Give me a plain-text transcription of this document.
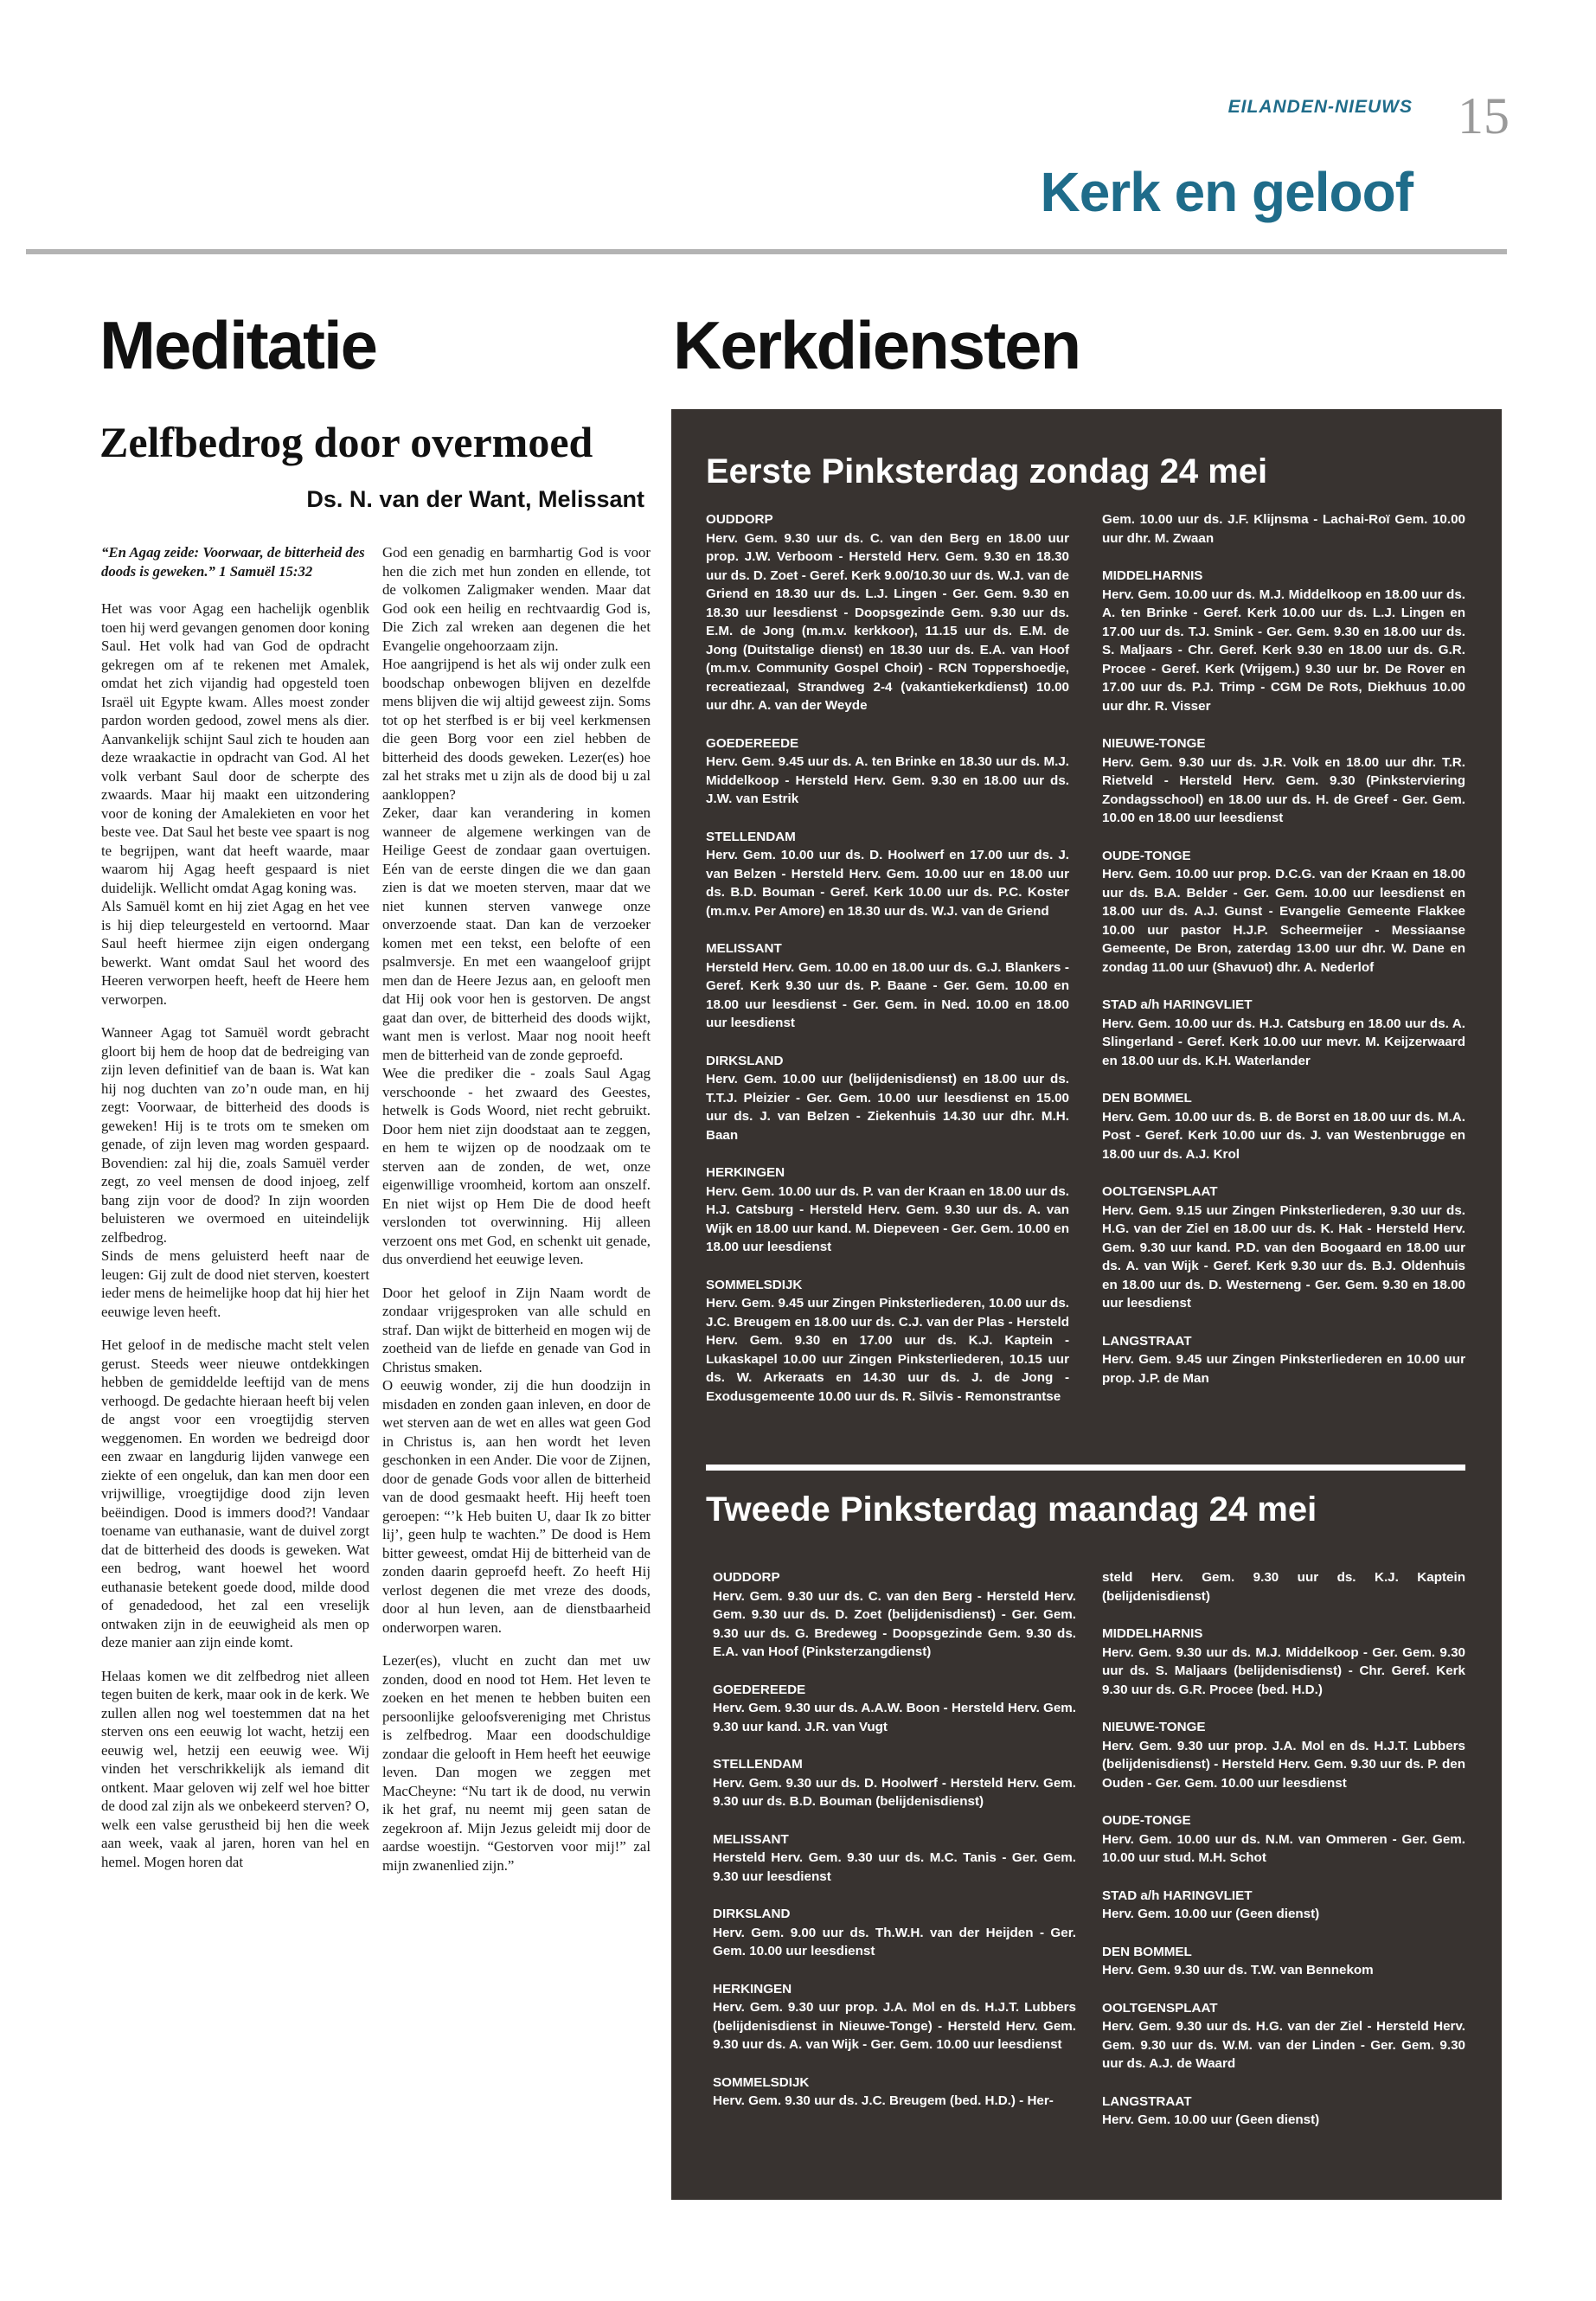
EILANDEN-NIEUWS 15
Kerk en geloof
Meditatie	Kerkdiensten
Zelfbedrog door overmoed
Ds. N. van der Want, Melissant

“En Agag zeide: Voorwaar, de bitterheid des doods is geweken.” 1 Samuël 15:32

Het was voor Agag een hachelijk ogenblik toen hij werd gevangen genomen door koning Saul. Het volk had van God de opdracht gekregen om af te rekenen met Amalek, omdat het zich vijandig had opgesteld toen Israël uit Egypte kwam. Alles moest zonder pardon worden gedood, zowel mens als dier. Aanvankelijk schijnt Saul zich te houden aan deze wraakactie in opdracht van God. Al het volk verbant Saul door de scherpte des zwaards. Maar hij maakt een uitzondering voor de koning der Amalekieten en voor het beste vee. Dat Saul het beste vee spaart is nog te begrijpen, want dat heeft waarde, maar waarom hij Agag heeft gespaard is niet duidelijk. Wellicht omdat Agag koning was.

Als Samuël komt en hij ziet Agag en het vee is hij diep teleurgesteld en vertoornd. Maar Saul heeft hiermee zijn eigen ondergang bewerkt. Want omdat Saul het woord des Heeren verworpen heeft, heeft de Heere hem verworpen.

Wanneer Agag tot Samuël wordt gebracht gloort bij hem de hoop dat de bedreiging van zijn leven definitief van de baan is. Wat kan hij nog duchten van zo’n oude man, en hij zegt: Voorwaar, de bitterheid des doods is geweken! Hij is te trots om te smeken om genade, of zijn leven mag worden gespaard. Bovendien: zal hij die, zoals Samuël verder zegt, zo veel mensen de dood injoeg, zelf bang zijn voor de dood? In zijn woorden beluisteren we overmoed en uiteindelijk zelfbedrog.

Sinds de mens geluisterd heeft naar de leugen: Gij zult de dood niet sterven, koestert ieder mens de heimelijke hoop dat hij hier het eeuwige leven heeft.

Het geloof in de medische macht stelt velen gerust. Steeds weer nieuwe ontdekkingen hebben de gemiddelde leeftijd van de mens verhoogd. De gedachte hieraan heeft bij velen de angst voor een vroegtijdig sterven weggenomen. En worden we bedreigd door een zwaar en langdurig lijden vanwege een ziekte of een ongeluk, dan kan men door een vrijwillige, vroegtijdige dood zijn leven beëindigen. Dood is immers dood?! Vandaar toename van euthanasie, want de duivel zorgt dat de bitterheid des doods is geweken. Wat een bedrog, want hoewel het woord euthanasie betekent goede dood, milde dood of genadedood, het zal een vreselijk ontwaken zijn in de eeuwigheid als men op deze manier aan zijn einde komt.

Helaas komen we dit zelfbedrog niet alleen tegen buiten de kerk, maar ook in de kerk. We zullen allen nog wel toestemmen dat na het sterven ons een eeuwig lot wacht, hetzij een eeuwig wel, hetzij een eeuwig wee. Wij vinden het verschrikkelijk als iemand dit ontkent. Maar geloven wij zelf wel hoe bitter de dood zal zijn als we onbekeerd sterven? O, welk een valse gerustheid bij hen die week aan week, vaak al jaren, horen van hel en hemel. Mogen horen dat

God een genadig en barmhartig God is voor hen die zich met hun zonden en ellende, tot de volkomen Zaligmaker wenden. Maar dat God ook een heilig en rechtvaardig God is, Die Zich zal wreken aan degenen die het Evangelie ongehoorzaam zijn.

Hoe aangrijpend is het als wij onder zulk een boodschap onbewogen blijven en dezelfde mens blijven die wij altijd geweest zijn. Soms tot op het sterfbed is er bij veel kerkmensen die geen Borg voor een ziel hebben de bitterheid des doods geweken. Lezer(es) hoe zal het straks met u zijn als de dood bij u zal aankloppen?

Zeker, daar kan verandering in komen wanneer de algemene werkingen van de Heilige Geest de zondaar gaan overtuigen. Eén van de eerste dingen die we dan gaan zien is dat we moeten sterven, maar dat we niet kunnen sterven vanwege onze onverzoende staat. Dan kan de verzoeker komen met een tekst, een belofte of een psalmversje. En met een waangeloof grijpt men dan de Heere Jezus aan, en gelooft men dat Hij ook voor hen is gestorven. De angst gaat dan over, de bitterheid des doods wijkt, want men is verlost. Maar nog nooit heeft men de bitterheid van de zonde geproefd.

Wee die prediker die - zoals Saul Agag verschoonde - het zwaard des Geestes, hetwelk is Gods Woord, niet recht gebruikt. Door hem niet zijn doodstaat aan te zeggen, en hem te wijzen op de noodzaak om te sterven aan de zonden, de wet, onze eigenwillige vroomheid, kortom aan onszelf. En niet wijst op Hem Die de dood heeft verslonden tot overwinning. Hij alleen verzoent ons met God, en schenkt uit genade, dus onverdiend het eeuwige leven.

Door het geloof in Zijn Naam wordt de zondaar vrijgesproken van alle schuld en straf. Dan wijkt de bitterheid en mogen wij de zoetheid van de liefde en genade van God in Christus smaken.

O eeuwig wonder, zij die hun doodzijn in misdaden en zonden gaan inleven, en door de wet sterven aan de wet en alles wat geen God in Christus is, aan hen wordt het leven geschonken in een Ander. Die voor de Zijnen, door de genade Gods voor allen de bitterheid van de dood gesmaakt heeft. Hij heeft toen geroepen: “’k Heb buiten U, daar Ik zo bitter lij’, geen hulp te wachten.” De dood is Hem bitter geweest, omdat Hij de bitterheid van de zonden daarin geproefd heeft. Zo heeft Hij verlost degenen die met vreze des doods, door al hun leven, aan de dienstbaarheid onderworpen waren.

Lezer(es), vlucht en zucht dan met uw zonden, dood en nood tot Hem. Het leven te zoeken en het menen te hebben buiten een persoonlijke geloofsvereniging met Christus is zelfbedrog. Maar een doodschuldige zondaar die gelooft in Hem heeft het eeuwige leven. Dan mogen we zeggen met MacCheyne: “Nu tart ik de dood, nu verwin ik het graf, nu neemt mij geen satan de zegekroon af. Mijn Jezus geleidt mij door de aardse woestijn. “Gestorven voor mij!” zal mijn zwanenlied zijn.”

Eerste Pinksterdag zondag 24 mei
OUDDORP
Herv. Gem. 9.30 uur ds. C. van den Berg en 18.00 uur prop. J.W. Verboom - Hersteld Herv. Gem. 9.30 en 18.30 uur ds. D. Zoet - Geref. Kerk 9.00/10.30 uur ds. W.J. van de Griend en 18.30 uur ds. L.J. Lingen - Ger. Gem. 9.30 en 18.30 uur leesdienst - Doopsgezinde Gem. 9.30 uur ds. E.M. de Jong (m.m.v. kerkkoor), 11.15 uur ds. E.M. de Jong (Duitstalige dienst) en 18.30 uur ds. E.A. van Hoof (m.m.v. Community Gospel Choir) - RCN Toppershoedje, recreatiezaal, Strandweg 2-4 (vakantiekerkdienst) 10.00 uur dhr. A. van der Weyde
GOEDEREEDE
Herv. Gem. 9.45 uur ds. A. ten Brinke en 18.30 uur ds. M.J. Middelkoop - Hersteld Herv. Gem. 9.30 en 18.00 uur ds. J.W. van Estrik
STELLENDAM
Herv. Gem. 10.00 uur ds. D. Hoolwerf en 17.00 uur ds. J. van Belzen - Hersteld Herv. Gem. 10.00 uur en 18.00 uur ds. B.D. Bouman - Geref. Kerk 10.00 uur ds. P.C. Koster (m.m.v. Per Amore) en 18.30 uur ds. W.J. van de Griend
MELISSANT
Hersteld Herv. Gem. 10.00 en 18.00 uur ds. G.J. Blankers - Geref. Kerk 9.30 uur ds. P. Baane - Ger. Gem. 10.00 en 18.00 uur leesdienst - Ger. Gem. in Ned. 10.00 en 18.00 uur leesdienst
DIRKSLAND
Herv. Gem. 10.00 uur (belijdenisdienst) en 18.00 uur ds. T.T.J. Pleizier - Ger. Gem. 10.00 uur leesdienst en 15.00 uur ds. J. van Belzen - Ziekenhuis 14.30 uur dhr. M.H. Baan
HERKINGEN
Herv. Gem. 10.00 uur ds. P. van der Kraan en 18.00 uur ds. H.J. Catsburg - Hersteld Herv. Gem. 9.30 uur ds. A. van Wijk en 18.00 uur kand. M. Diepeveen - Ger. Gem. 10.00 en 18.00 uur leesdienst
SOMMELSDIJK
Herv. Gem. 9.45 uur Zingen Pinksterliederen, 10.00 uur ds. J.C. Breugem en 18.00 uur ds. C.J. van der Plas - Hersteld Herv. Gem. 9.30 en 17.00 uur ds. K.J. Kaptein - Lukaskapel 10.00 uur Zingen Pinksterliederen, 10.15 uur ds. W. Arkeraats en 14.30 uur ds. J. de Jong - Exodusgemeente 10.00 uur ds. R. Silvis - Remonstrantse
Gem. 10.00 uur ds. J.F. Klijnsma - Lachai-Roï Gem. 10.00 uur dhr. M. Zwaan
MIDDELHARNIS
Herv. Gem. 10.00 uur ds. M.J. Middelkoop en 18.00 uur ds. A. ten Brinke - Geref. Kerk 10.00 uur ds. L.J. Lingen en 17.00 uur ds. T.J. Smink - Ger. Gem. 9.30 en 18.00 uur ds. S. Maljaars - Chr. Geref. Kerk 9.30 en 18.00 uur ds. G.R. Procee - Geref. Kerk (Vrijgem.) 9.30 uur br. De Rover en 17.00 uur ds. P.J. Trimp - CGM De Rots, Diekhuus 10.00 uur dhr. R. Visser
NIEUWE-TONGE
Herv. Gem. 9.30 uur ds. J.R. Volk en 18.00 uur dhr. T.R. Rietveld - Hersteld Herv. Gem. 9.30 (Pinksterviering Zondagsschool) en 18.00 uur ds. H. de Greef - Ger. Gem. 10.00 en 18.00 uur leesdienst
OUDE-TONGE
Herv. Gem. 10.00 uur prop. D.C.G. van der Kraan en 18.00 uur ds. B.A. Belder - Ger. Gem. 10.00 uur leesdienst en 18.00 uur ds. A.J. Gunst - Evangelie Gemeente Flakkee 10.00 uur pastor H.J.P. Scheermeijer - Messiaanse Gemeente, De Bron, zaterdag 13.00 uur dhr. W. Dane en zondag 11.00 uur (Shavuot) dhr. A. Nederlof
STAD a/h HARINGVLIET
Herv. Gem. 10.00 uur ds. H.J. Catsburg en 18.00 uur ds. A. Slingerland - Geref. Kerk 10.00 uur mevr. M. Keijzerwaard en 18.00 uur ds. K.H. Waterlander
DEN BOMMEL
Herv. Gem. 10.00 uur ds. B. de Borst en 18.00 uur ds. M.A. Post - Geref. Kerk 10.00 uur ds. J. van Westenbrugge en 18.00 uur ds. A.J. Krol
OOLTGENSPLAAT
Herv. Gem. 9.15 uur Zingen Pinksterliederen, 9.30 uur ds. H.G. van der Ziel en 18.00 uur ds. K. Hak - Hersteld Herv. Gem. 9.30 uur kand. P.D. van den Boogaard en 18.00 uur ds. A. van Wijk - Geref. Kerk 9.30 uur ds. B.J. Oldenhuis en 18.00 uur ds. D. Westerneng - Ger. Gem. 9.30 en 18.00 uur leesdienst
LANGSTRAAT
Herv. Gem. 9.45 uur Zingen Pinksterliederen en 10.00 uur prop. J.P. de Man
Tweede Pinksterdag maandag 24 mei
OUDDORP
Herv. Gem. 9.30 uur ds. C. van den Berg - Hersteld Herv. Gem. 9.30 uur ds. D. Zoet (belijdenisdienst) - Ger. Gem. 9.30 uur ds. G. Bredeweg - Doopsgezinde Gem. 9.30 ds. E.A. van Hoof (Pinksterzangdienst)
GOEDEREEDE
Herv. Gem. 9.30 uur ds. A.A.W. Boon - Hersteld Herv. Gem. 9.30 uur kand. J.R. van Vugt
STELLENDAM
Herv. Gem. 9.30 uur ds. D. Hoolwerf - Hersteld Herv. Gem. 9.30 uur ds. B.D. Bouman (belijdenisdienst)
MELISSANT
Hersteld Herv. Gem. 9.30 uur ds. M.C. Tanis - Ger. Gem. 9.30 uur leesdienst
DIRKSLAND
Herv. Gem. 9.00 uur ds. Th.W.H. van der Heijden - Ger. Gem. 10.00 uur leesdienst
HERKINGEN
Herv. Gem. 9.30 uur prop. J.A. Mol en ds. H.J.T. Lubbers (belijdenisdienst in Nieuwe-Tonge) - Hersteld Herv. Gem. 9.30 uur ds. A. van Wijk - Ger. Gem. 10.00 uur leesdienst
SOMMELSDIJK
Herv. Gem. 9.30 uur ds. J.C. Breugem (bed. H.D.) - Her-
steld Herv. Gem. 9.30 uur ds. K.J. Kaptein (belijdenisdienst)
MIDDELHARNIS
Herv. Gem. 9.30 uur ds. M.J. Middelkoop - Ger. Gem. 9.30 uur ds. S. Maljaars (belijdenisdienst) - Chr. Geref. Kerk 9.30 uur ds. G.R. Procee (bed. H.D.)
NIEUWE-TONGE
Herv. Gem. 9.30 uur prop. J.A. Mol en ds. H.J.T. Lubbers (belijdenisdienst) - Hersteld Herv. Gem. 9.30 uur ds. P. den Ouden - Ger. Gem. 10.00 uur leesdienst
OUDE-TONGE
Herv. Gem. 10.00 uur ds. N.M. van Ommeren - Ger. Gem. 10.00 uur stud. M.H. Schot
STAD a/h HARINGVLIET
Herv. Gem. 10.00 uur (Geen dienst)
DEN BOMMEL
Herv. Gem. 9.30 uur ds. T.W. van Bennekom
OOLTGENSPLAAT
Herv. Gem. 9.30 uur ds. H.G. van der Ziel - Hersteld Herv. Gem. 9.30 uur ds. W.M. van der Linden - Ger. Gem. 9.30 uur ds. A.J. de Waard
LANGSTRAAT
Herv. Gem. 10.00 uur (Geen dienst)
